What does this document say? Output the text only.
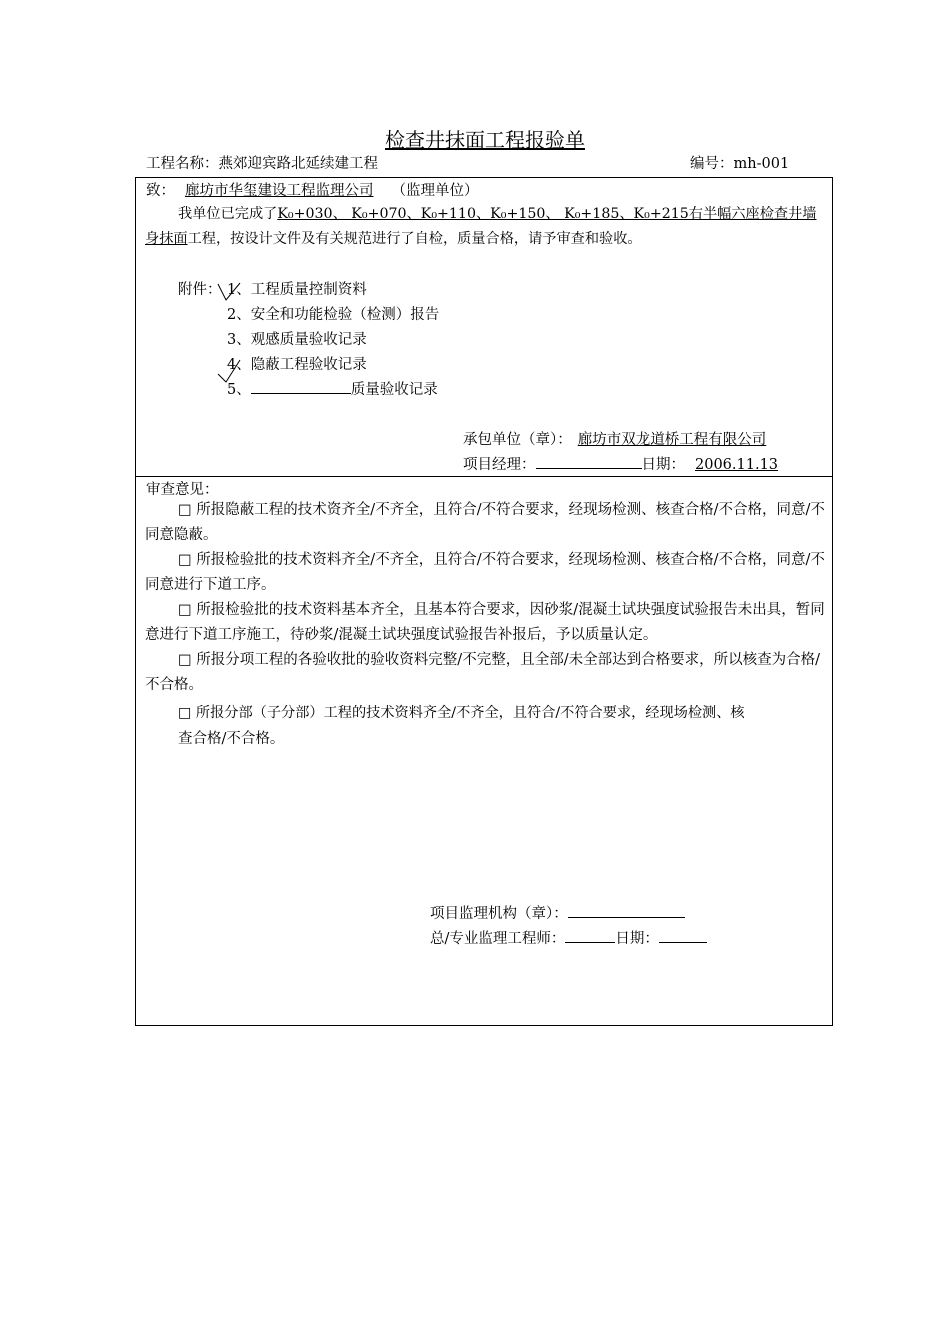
检查井抹面工程报验单
工程名称：燕郊迎宾路北延续建工程	编号：mh-001
致： 廊坊市华玺建设工程监理公司 （监理单位）
我单位已完成了K₀+030、 K₀+070、K₀+110、K₀+150、 K₀+185、K₀+215右半幅六座检查井墙身抹面工程，按设计文件及有关规范进行了自检，质量合格，请予审查和验收。
附件： 1、工程质量控制资料
2、安全和功能检验（检测）报告
3、观感质量验收记录
4、隐蔽工程验收记录
5、	质量验收记录
承包单位（章）： 廊坊市双龙道桥工程有限公司
项目经理：	日期： 2006.11.13
审查意见：
□ 所报隐蔽工程的技术资齐全/不齐全，且符合/不符合要求，经现场检测、核查合格/不合格，同意/不同意隐蔽。
□ 所报检验批的技术资料齐全/不齐全，且符合/不符合要求，经现场检测、核查合格/不合格，同意/不同意进行下道工序。
□ 所报检验批的技术资料基本齐全，且基本符合要求，因砂浆/混凝土试块强度试验报告未出具，暂同意进行下道工序施工，待砂浆/混凝土试块强度试验报告补报后，予以质量认定。
□ 所报分项工程的各验收批的验收资料完整/不完整，且全部/未全部达到合格要求，所以核查为合格/不合格。
□ 所报分部（子分部）工程的技术资料齐全/不齐全，且符合/不符合要求，经现场检测、核
查合格/不合格。
项目监理机构（章）：
总/专业监理工程师：	日期：
